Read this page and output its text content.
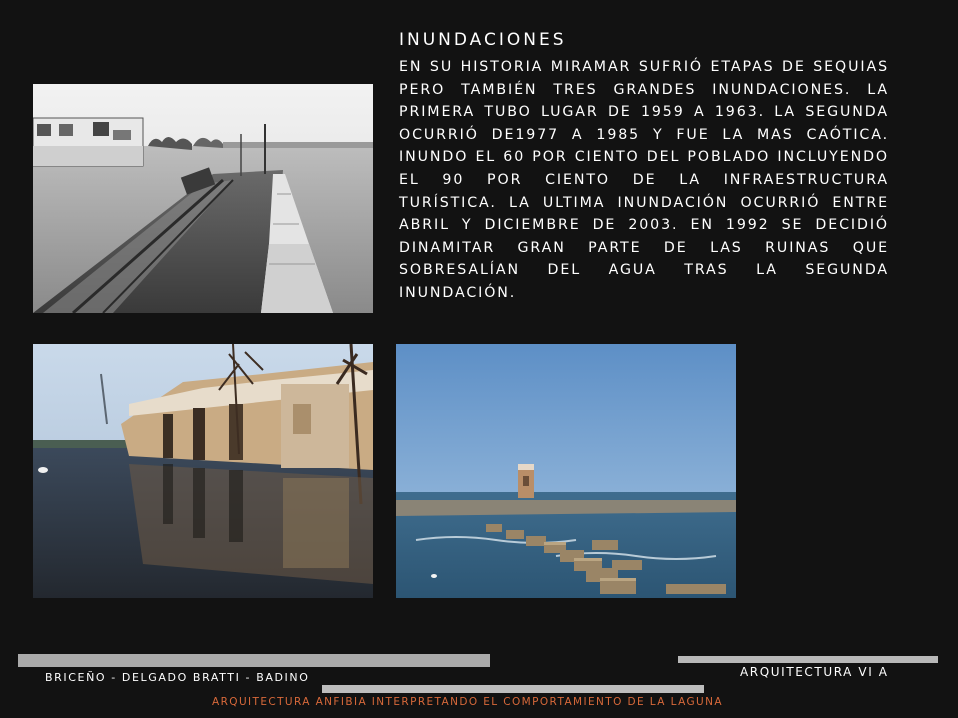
INUNDACIONES
EN SU HISTORIA MIRAMAR SUFRIÓ ETAPAS DE SEQUIAS PERO TAMBIÉN TRES GRANDES INUNDACIONES. LA PRIMERA TUBO LUGAR DE 1959 A 1963. LA SEGUNDA OCURRIÓ DE1977 A 1985 Y FUE LA MAS CAÓTICA. INUNDO EL 60 POR CIENTO DEL POBLADO INCLUYENDO EL 90 POR CIENTO DE LA INFRAESTRUCTURA TURÍSTICA. LA ULTIMA INUNDACIÓN OCURRIÓ ENTRE ABRIL Y DICIEMBRE DE 2003. EN 1992 SE DECIDIÓ DINAMITAR GRAN PARTE DE LAS RUINAS QUE SOBRESALÍAN DEL AGUA TRAS LA SEGUNDA INUNDACIÓN.
BRICEÑO - DELGADO BRATTI - BADINO	ARQUITECTURA VI A
ARQUITECTURA ANFIBIA INTERPRETANDO EL COMPORTAMIENTO DE LA LAGUNA
